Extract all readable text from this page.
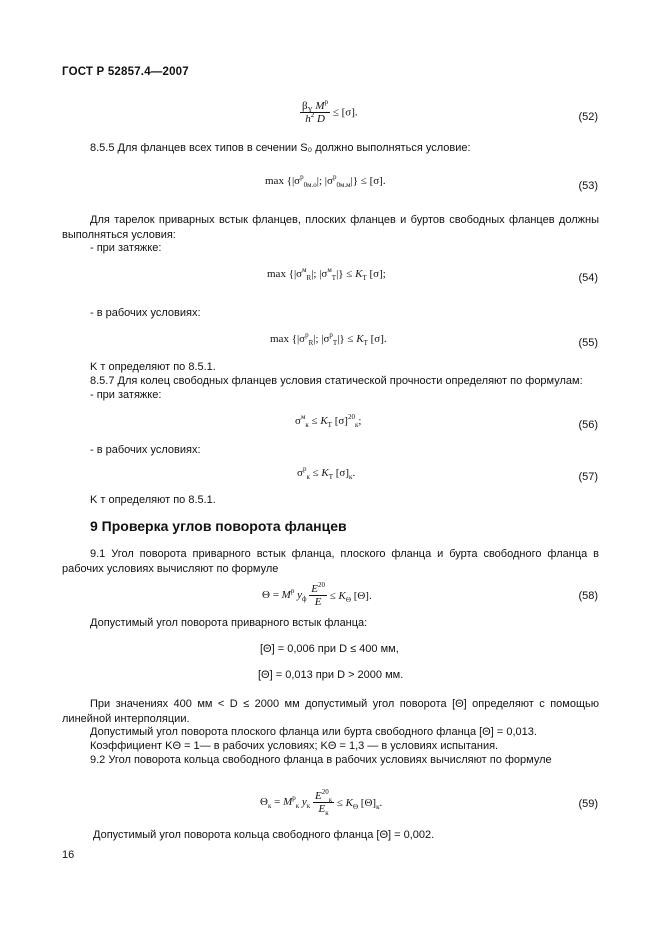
ГОСТ Р 52857.4—2007
$\frac{\beta_Y M^p}{h^2 D} \le [\sigma]$.	(52)
8.5.5 Для фланцев всех типов в сечении S₀ должно выполняться условие:
$\max \{|\sigma^p_{0м.о}|$; $|\sigma^p_{0м.м}|\} \le [\sigma]$.	(53)
Для тарелок приварных встык фланцев, плоских фланцев и буртов свободных фланцев должны выполняться условия:
- при затяжке:
$\max \{|\sigma^м_R|$; $|\sigma^м_T|\} \le K_T$ [σ];	(54)
- в рабочих условиях:
$\max \{|\sigma^p_R|$; $|\sigma^p_T|\} \le K_T$ [σ].	(55)
K т определяют по 8.5.1.
8.5.7 Для колец свободных фланцев условия статической прочности определяют по формулам:
- при затяжке:
$\sigma^м_к \le K_T$ $[\sigma]^{20}_к$;	(56)
- в рабочих условиях:
$\sigma^p_к \le K_T$ $[\sigma]_к$.	(57)
K т определяют по 8.5.1.
9 Проверка углов поворота фланцев
9.1 Угол поворота приварного встык фланца, плоского фланца и бурта свободного фланца в рабочих условиях вычисляют по формуле
$\Theta = M^p$ $y_ф \frac{E^{20}}{E} \le K_\Theta$ [Θ].	(58)
Допустимый угол поворота приварного встык фланца:
[Θ] = 0,006 при D ≤ 400 мм,
[Θ] = 0,013 при D > 2000 мм.
При значениях 400 мм < D ≤ 2000 мм допустимый угол поворота [Θ] определяют с помощью линейной интерполяции.
Допустимый угол поворота плоского фланца или бурта свободного фланца [Θ] = 0,013.
Коэффициент KΘ = 1— в рабочих условиях; KΘ = 1,3 — в условиях испытания.
9.2 Угол поворота кольца свободного фланца в рабочих условиях вычисляют по формуле
$\Theta_к = M^p_к$ $y_к \frac{E^{20}_к}{E_к} \le K_\Theta$ $[\Theta]_к$.	(59)
Допустимый угол поворота кольца свободного фланца [Θ] = 0,002.
16
